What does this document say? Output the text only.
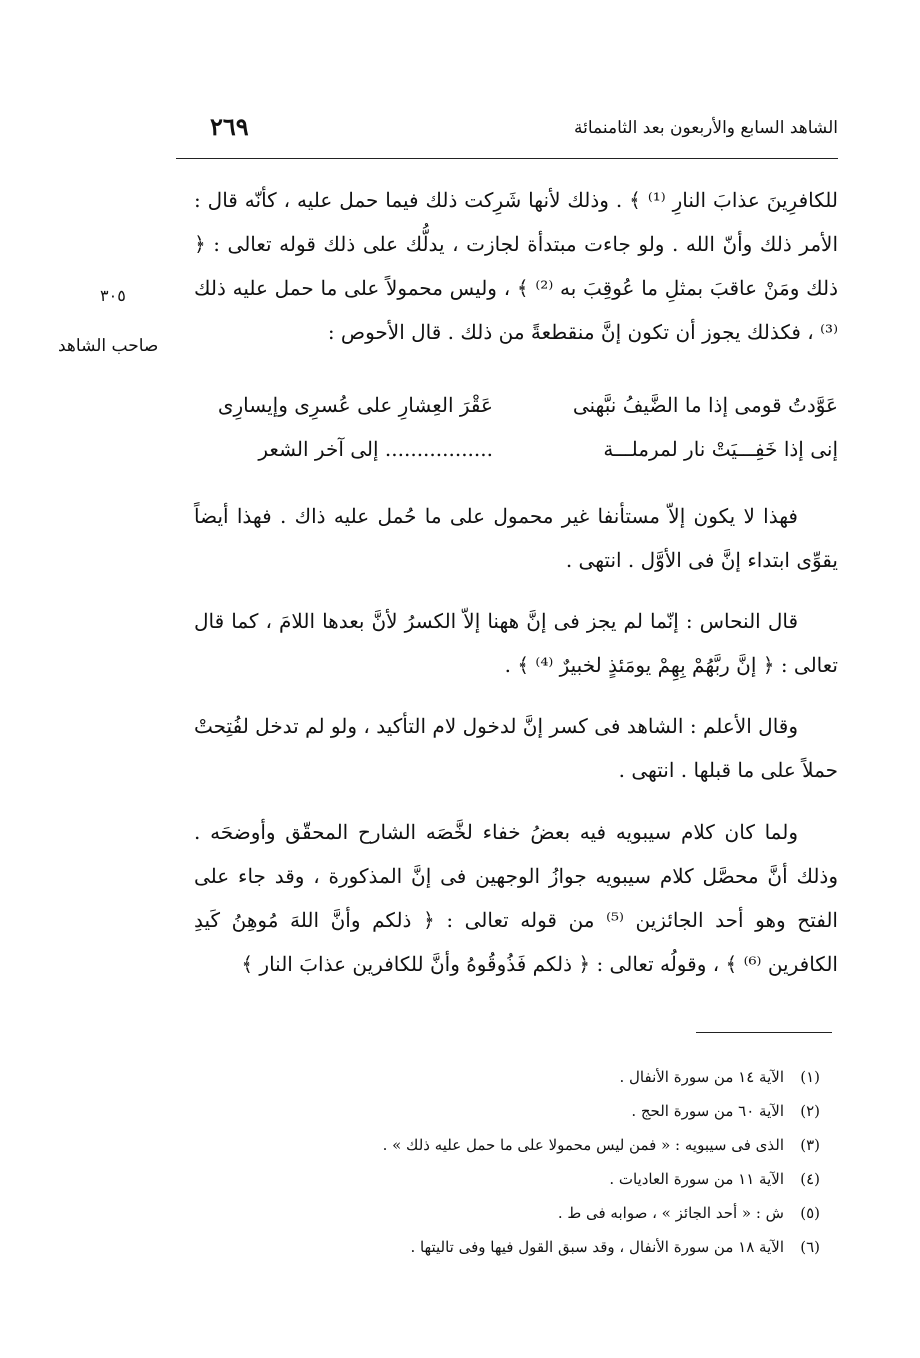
الشاهد السابع والأربعون بعد الثامنمائة
٢٦٩
٣٠٥
صاحب الشاهد

للكافرِينَ عذابَ النارِ ⁽¹⁾ ﴾ . وذلك لأنها شَرِكت ذلك فيما حمل عليه ، كأنّه قال : الأمر ذلك وأنّ الله . ولو جاءت مبتدأة لجازت ، يدلُّك على ذلك قوله تعالى : ﴿ ذلك ومَنْ عاقبَ بمثلِ ما عُوقِبَ به ⁽²⁾ ﴾ ، وليس محمولاً على ما حمل عليه ذلك ⁽³⁾ ، فكذلك يجوز أن تكون إنَّ منقطعةً من ذلك . قال الأحوص :

عَوَّدتُ قومى إذا ما الضَّيفُ نبَّهنى
عَقْرَ العِشارِ على عُسرِى وإيسارِى
إنى إذا خَفِـــيَتْ نار لمرملـــة
................. إلى آخر الشعر

فهذا لا يكون إلاّ مستأنفا غير محمول على ما حُمل عليه ذاك . فهذا أيضاً يقوِّى ابتداء إنَّ فى الأوَّل . انتهى .

قال النحاس : إنّما لم يجز فى إنَّ ههنا إلاّ الكسرُ لأنَّ بعدها اللامَ ، كما قال تعالى : ﴿ إنَّ ربَّهُمْ بِهِمْ يومَئذٍ لخبيرٌ ⁽⁴⁾ ﴾ .

وقال الأعلم : الشاهد فى كسر إنَّ لدخول لام التأكيد ، ولو لم تدخل لفُتِحتْ حملاً على ما قبلها . انتهى .

ولما كان كلام سيبويه فيه بعضُ خفاء لخَّصَه الشارح المحقّق وأوضحَه . وذلك أنَّ محصَّل كلام سيبويه جوازُ الوجهين فى إنَّ المذكورة ، وقد جاء على الفتح وهو أحد الجائزين ⁽⁵⁾ من قوله تعالى : ﴿ ذلكم وأنَّ اللهَ مُوهِنُ كَيدِ الكافرين ⁽⁶⁾ ﴾ ، وقولُه تعالى : ﴿ ذلكم فَذُوقُوهُ وأنَّ للكافرين عذابَ النار ﴾

(١)الآية ١٤ من سورة الأنفال .
(٢)الآية ٦٠ من سورة الحج .
(٣)الذى فى سيبويه : « فمن ليس محمولا على ما حمل عليه ذلك » .
(٤)الآية ١١ من سورة العاديات .
(٥)ش : « أحد الجائز » ، صوابه فى ط .
(٦)الآية ١٨ من سورة الأنفال ، وقد سبق القول فيها وفى تاليتها .
